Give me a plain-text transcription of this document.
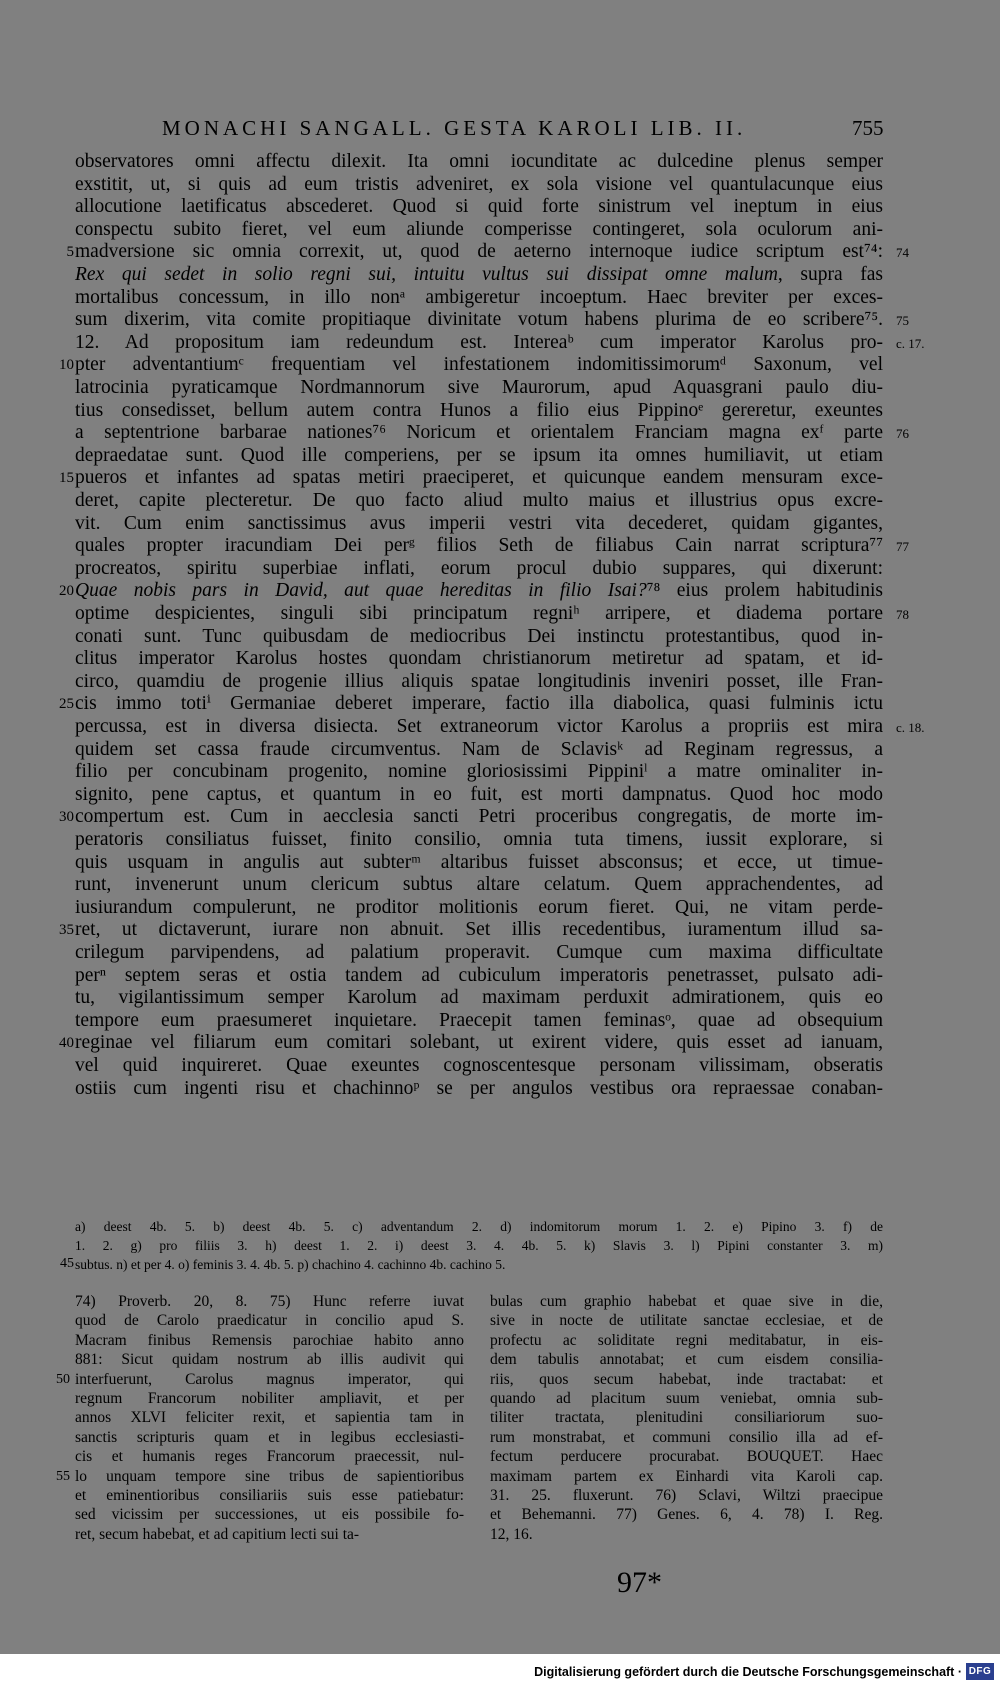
MONACHI SANGALL. GESTA KAROLI LIB. II.	755
observatores omni affectu dilexit. Ita omni iocunditate ac dulcedine plenus semper
exstitit, ut, si quis ad eum tristis adveniret, ex sola visione vel quantulacunque eius
allocutione laetificatus abscederet. Quod si quid forte sinistrum vel ineptum in eius
conspectu subito fieret, vel eum aliunde comperisse contingeret, sola oculorum ani-
5 madversione sic omnia correxit, ut, quod de aeterno internoque iudice scriptum est⁷⁴: 74
Rex qui sedet in solio regni sui, intuitu vultus sui dissipat omne malum, supra fas
mortalibus concessum, in illo nonᵃ ambigeretur incoeptum. Haec breviter per exces-
sum dixerim, vita comite propitiaque divinitate votum habens plurima de eo scribere⁷⁵. 75
12. Ad propositum iam redeundum est. Intereaᵇ cum imperator Karolus pro- c. 17.
10 pter adventantiumᶜ frequentiam vel infestationem indomitissimorumᵈ Saxonum, vel
latrocinia pyraticamque Nordmannorum sive Maurorum, apud Aquasgrani paulo diu-
tius consedisset, bellum autem contra Hunos a filio eius Pippinoᵉ gereretur, exeuntes
a septentrione barbarae nationes⁷⁶ Noricum et orientalem Franciam magna exᶠ parte 76
depraedatae sunt. Quod ille comperiens, per se ipsum ita omnes humiliavit, ut etiam
15 pueros et infantes ad spatas metiri praeciperet, et quicunque eandem mensuram exce-
deret, capite plecteretur. De quo facto aliud multo maius et illustrius opus excre-
vit. Cum enim sanctissimus avus imperii vestri vita decederet, quidam gigantes,
quales propter iracundiam Dei perᵍ filios Seth de filiabus Cain narrat scriptura⁷⁷ 77
procreatos, spiritu superbiae inflati, eorum procul dubio suppares, qui dixerunt:
20 Quae nobis pars in David, aut quae hereditas in filio Isai?⁷⁸ eius prolem habitudinis
optime despicientes, singuli sibi principatum regniʰ arripere, et diadema portare 78
conati sunt. Tunc quibusdam de mediocribus Dei instinctu protestantibus, quod in-
clitus imperator Karolus hostes quondam christianorum metiretur ad spatam, et id-
circo, quamdiu de progenie illius aliquis spatae longitudinis inveniri posset, ille Fran-
25 cis immo totiⁱ Germaniae deberet imperare, factio illa diabolica, quasi fulminis ictu
percussa, est in diversa disiecta. Set extraneorum victor Karolus a propriis est mira c. 18.
quidem set cassa fraude circumventus. Nam de Sclavisᵏ ad Reginam regressus, a
filio per concubinam progenito, nomine gloriosissimi Pippiniˡ a matre ominaliter in-
signito, pene captus, et quantum in eo fuit, est morti dampnatus. Quod hoc modo
30 compertum est. Cum in aecclesia sancti Petri proceribus congregatis, de morte im-
peratoris consiliatus fuisset, finito consilio, omnia tuta timens, iussit explorare, si
quis usquam in angulis aut subterᵐ altaribus fuisset absconsus; et ecce, ut timue-
runt, invenerunt unum clericum subtus altare celatum. Quem apprachendentes, ad
iusiurandum compulerunt, ne proditor molitionis eorum fieret. Qui, ne vitam perde-
35 ret, ut dictaverunt, iurare non abnuit. Set illis recedentibus, iuramentum illud sa-
crilegum parvipendens, ad palatium properavit. Cumque cum maxima difficultate
perⁿ septem seras et ostia tandem ad cubiculum imperatoris penetrasset, pulsato adi-
tu, vigilantissimum semper Karolum ad maximam perduxit admirationem, quis eo
tempore eum praesumeret inquietare. Praecepit tamen feminasᵒ, quae ad obsequium
40 reginae vel filiarum eum comitari solebant, ut exirent videre, quis esset ad ianuam,
vel quid inquireret. Quae exeuntes cognoscentesque personam vilissimam, obseratis
ostiis cum ingenti risu et chachinnoᵖ se per angulos vestibus ora repraessae conaban-
a) deest 4b. 5. b) deest 4b. 5. c) adventandum 2. d) indomitorum morum 1. 2. e) Pipino 3. f) de
1. 2. g) pro filiis 3. h) deest 1. 2. i) deest 3. 4. 4b. 5. k) Slavis 3. l) Pipini constanter 3. m)
45 subtus. n) et per 4. o) feminis 3. 4. 4b. 5. p) chachino 4. cachinno 4b. cachino 5.
74) Proverb. 20, 8. 75) Hunc referre iuvat
quod de Carolo praedicatur in concilio apud S.
Macram finibus Remensis parochiae habito anno
881: Sicut quidam nostrum ab illis audivit qui
interfuerunt, Carolus magnus imperator, qui
regnum Francorum nobiliter ampliavit, et per
annos XLVI feliciter rexit, et sapientia tam in
sanctis scripturis quam et in legibus ecclesiasti-
cis et humanis reges Francorum praecessit, nul-
lo unquam tempore sine tribus de sapientioribus
et eminentioribus consiliariis suis esse patiebatur:
sed vicissim per successiones, ut eis possibile fo-
ret, secum habebat, et ad capitium lecti sui ta-
bulas cum graphio habebat et quae sive in die,
sive in nocte de utilitate sanctae ecclesiae, et de
profectu ac soliditate regni meditabatur, in eis-
dem tabulis annotabat; et cum eisdem consilia-
riis, quos secum habebat, inde tractabat: et
quando ad placitum suum veniebat, omnia sub-
tiliter tractata, plenitudini consiliariorum suo-
rum monstrabat, et communi consilio illa ad ef-
fectum perducere procurabat. BOUQUET. Haec
maximam partem ex Einhardi vita Karoli cap.
31. 25. fluxerunt. 76) Sclavi, Wiltzi praecipue
et Behemanni. 77) Genes. 6, 4. 78) I. Reg.
12, 16.
50
55
97*
Digitalisierung gefördert durch die Deutsche Forschungsgemeinschaft · DFG
